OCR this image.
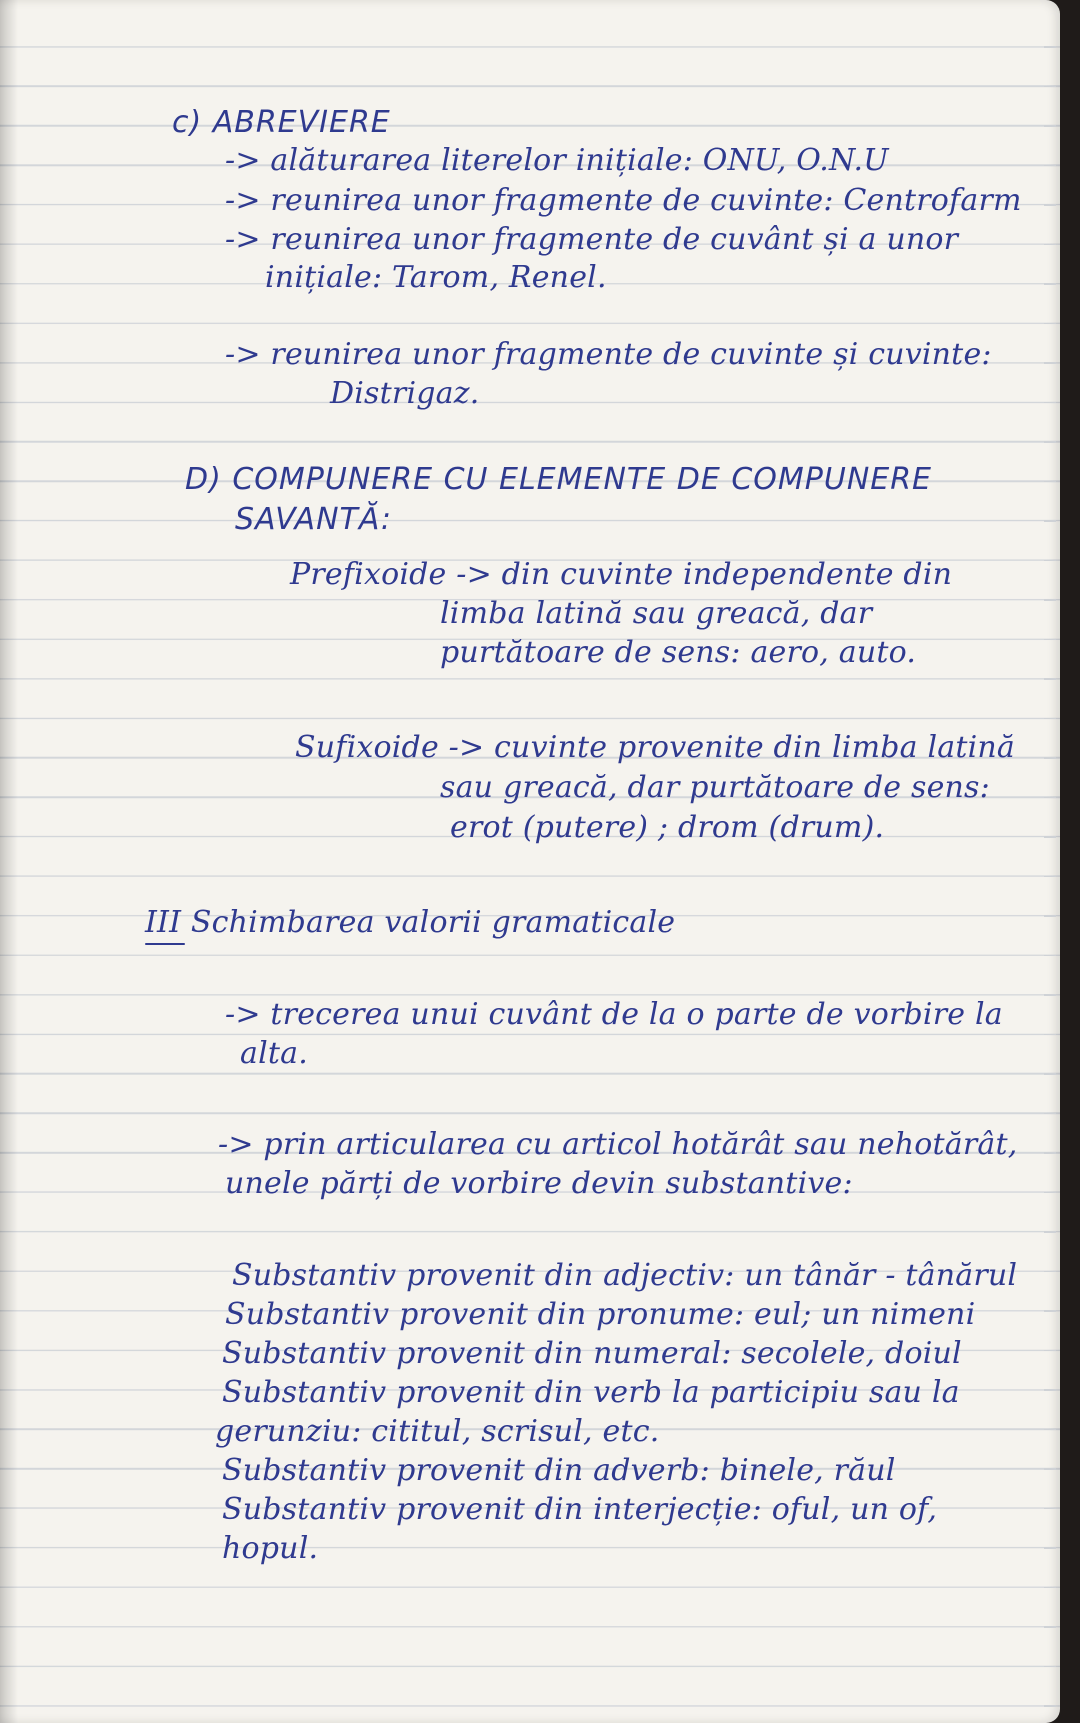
c) ABREVIERE
-> alăturarea literelor inițiale: ONU, O.N.U
-> reunirea unor fragmente de cuvinte: Centrofarm
-> reunirea unor fragmente de cuvânt și a unor
inițiale: Tarom, Renel.
-> reunirea unor fragmente de cuvinte și cuvinte:
Distrigaz.
D) COMPUNERE CU ELEMENTE DE COMPUNERE
SAVANTĂ:
Prefixoide -> din cuvinte independente din
limba latină sau greacă, dar
purtătoare de sens: aero, auto.
Sufixoide -> cuvinte provenite din limba latină
sau greacă, dar purtătoare de sens:
erot (putere) ; drom (drum).
III Schimbarea valorii gramaticale
-> trecerea unui cuvânt de la o parte de vorbire la
alta.
-> prin articularea cu articol hotărât sau nehotărât,
unele părți de vorbire devin substantive:
Substantiv provenit din adjectiv: un tânăr - tânărul
Substantiv provenit din pronume: eul; un nimeni
Substantiv provenit din numeral: secolele, doiul
Substantiv provenit din verb la participiu sau la
gerunziu: cititul, scrisul, etc.
Substantiv provenit din adverb: binele, răul
Substantiv provenit din interjecție: oful, un of,
hopul.
